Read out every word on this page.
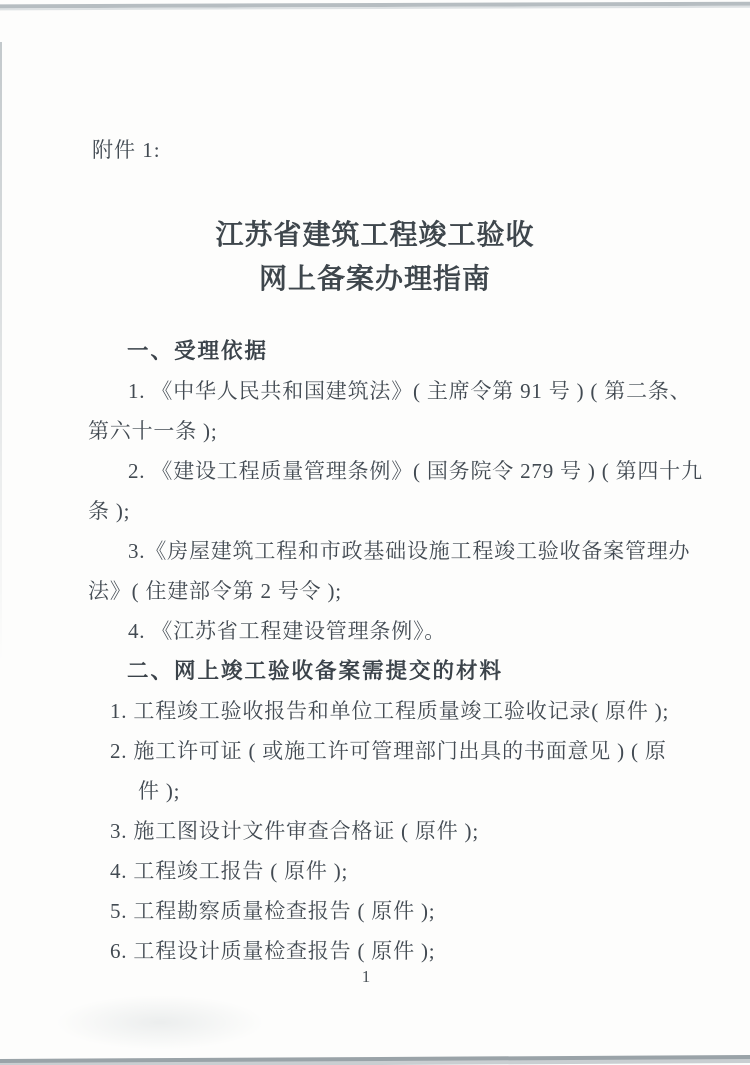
附件 1:
江苏省建筑工程竣工验收
网上备案办理指南
一、受理依据
1. 《中华人民共和国建筑法》( 主席令第 91 号 ) ( 第二条、
第六十一条 );
2. 《建设工程质量管理条例》( 国务院令 279 号 ) ( 第四十九
条 );
3.《房屋建筑工程和市政基础设施工程竣工验收备案管理办
法》( 住建部令第 2 号令 );
4. 《江苏省工程建设管理条例》。
二、网上竣工验收备案需提交的材料
1. 工程竣工验收报告和单位工程质量竣工验收记录( 原件 );
2. 施工许可证 ( 或施工许可管理部门出具的书面意见 ) ( 原
件 );
3. 施工图设计文件审查合格证 ( 原件 );
4. 工程竣工报告 ( 原件 );
5. 工程勘察质量检查报告 ( 原件 );
6. 工程设计质量检查报告 ( 原件 );
1
